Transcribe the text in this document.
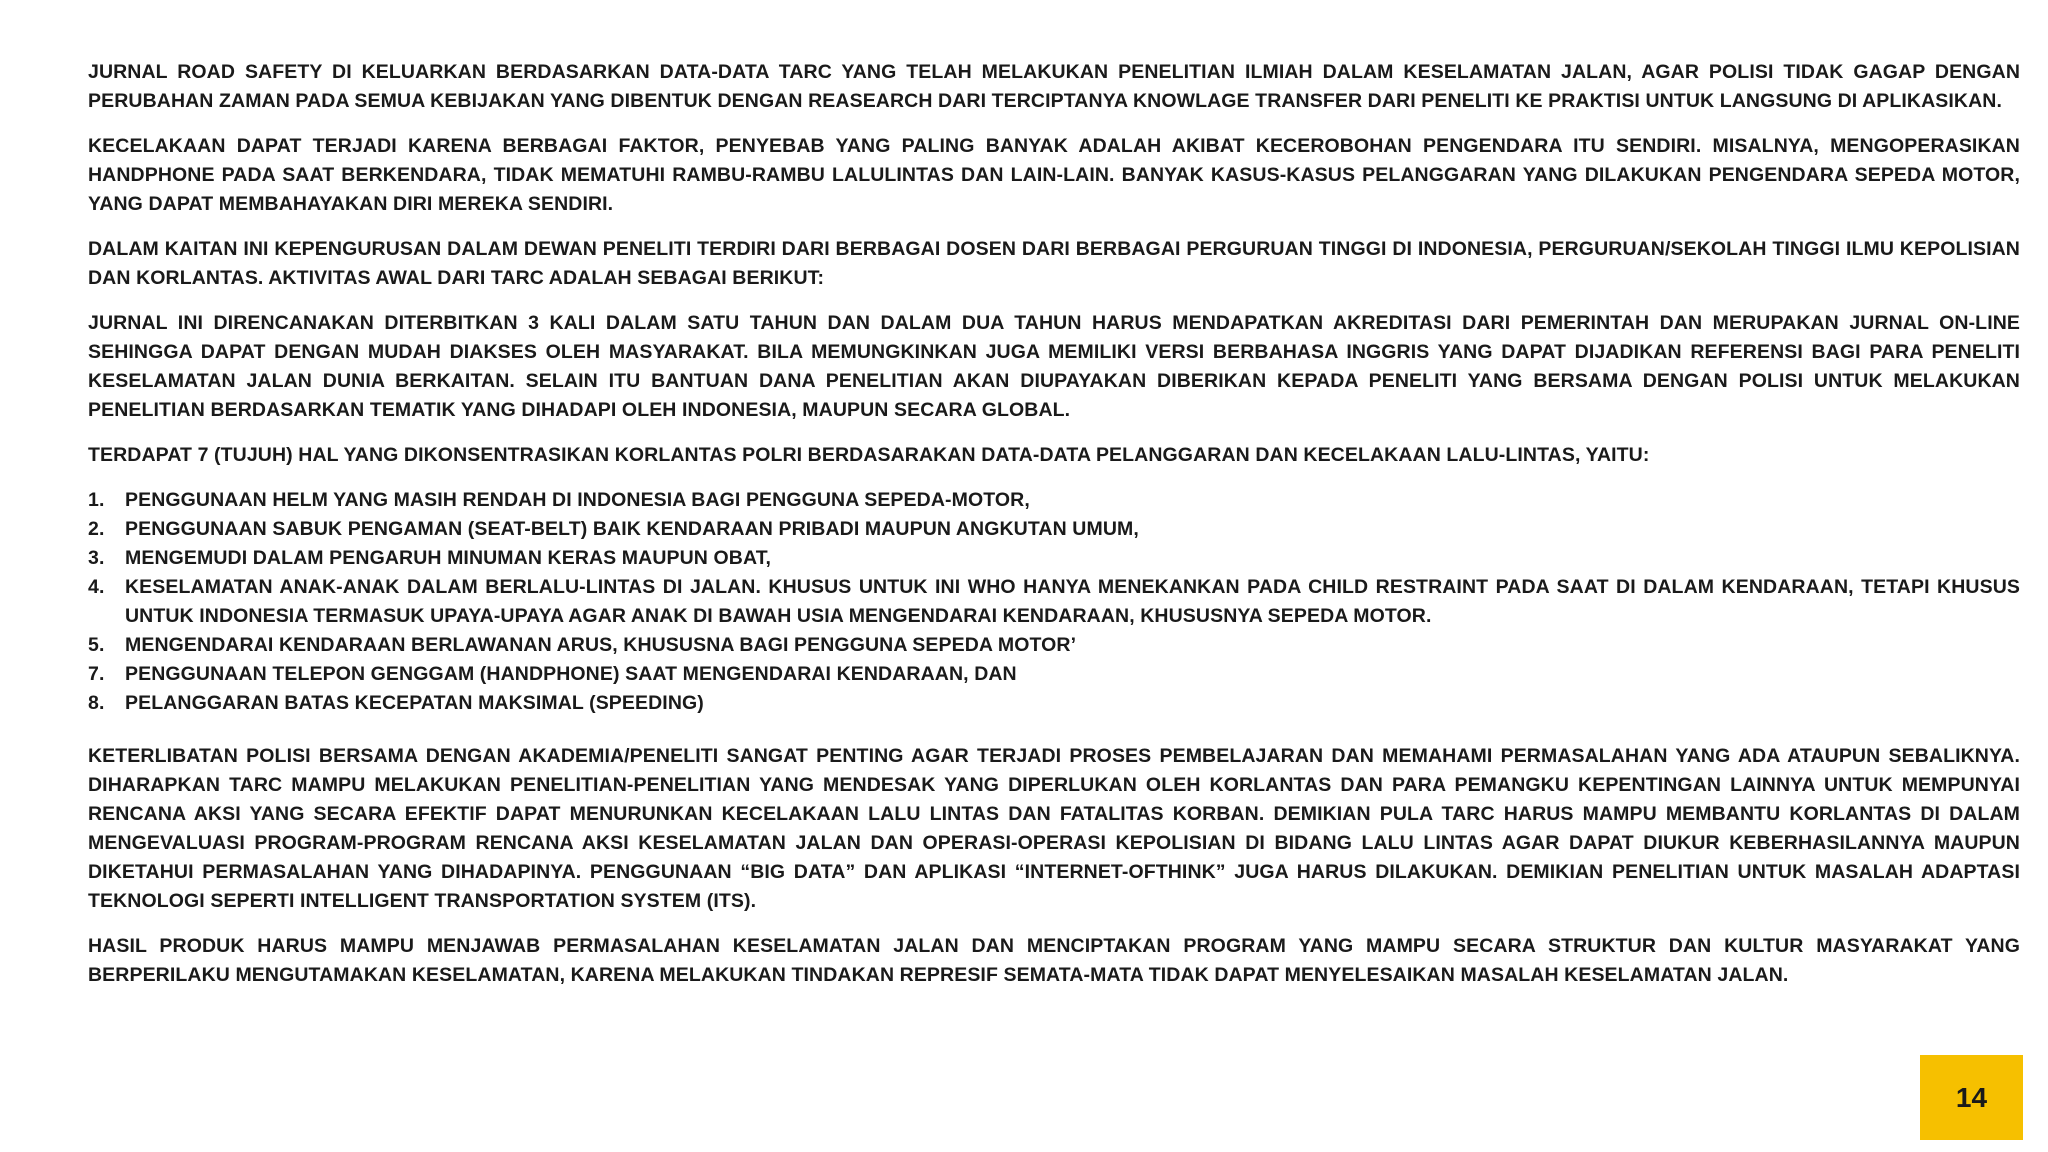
JURNAL ROAD SAFETY DI KELUARKAN BERDASARKAN DATA-DATA TARC YANG TELAH MELAKUKAN PENELITIAN ILMIAH DALAM KESELAMATAN JALAN, AGAR POLISI TIDAK GAGAP DENGAN PERUBAHAN ZAMAN PADA SEMUA KEBIJAKAN YANG DIBENTUK DENGAN REASEARCH DARI TERCIPTANYA KNOWLAGE TRANSFER DARI PENELITI KE PRAKTISI UNTUK LANGSUNG DI APLIKASIKAN.

KECELAKAAN DAPAT TERJADI KARENA BERBAGAI FAKTOR, PENYEBAB YANG PALING BANYAK ADALAH AKIBAT KECEROBOHAN PENGENDARA ITU SENDIRI. MISALNYA, MENGOPERASIKAN HANDPHONE PADA SAAT BERKENDARA, TIDAK MEMATUHI RAMBU-RAMBU LALULINTAS DAN LAIN-LAIN. BANYAK KASUS-KASUS PELANGGARAN YANG DILAKUKAN PENGENDARA SEPEDA MOTOR, YANG DAPAT MEMBAHAYAKAN DIRI MEREKA SENDIRI.

DALAM KAITAN INI KEPENGURUSAN DALAM DEWAN PENELITI TERDIRI DARI BERBAGAI DOSEN DARI BERBAGAI PERGURUAN TINGGI DI INDONESIA, PERGURUAN/SEKOLAH TINGGI ILMU KEPOLISIAN DAN KORLANTAS. AKTIVITAS AWAL DARI TARC ADALAH SEBAGAI BERIKUT:

JURNAL INI DIRENCANAKAN DITERBITKAN 3 KALI DALAM SATU TAHUN DAN DALAM DUA TAHUN HARUS MENDAPATKAN AKREDITASI DARI PEMERINTAH DAN MERUPAKAN JURNAL ON-LINE SEHINGGA DAPAT DENGAN MUDAH DIAKSES OLEH MASYARAKAT. BILA MEMUNGKINKAN JUGA MEMILIKI VERSI BERBAHASA INGGRIS YANG DAPAT DIJADIKAN REFERENSI BAGI PARA PENELITI KESELAMATAN JALAN DUNIA BERKAITAN. SELAIN ITU BANTUAN DANA PENELITIAN AKAN DIUPAYAKAN DIBERIKAN KEPADA PENELITI YANG BERSAMA DENGAN POLISI UNTUK MELAKUKAN PENELITIAN BERDASARKAN TEMATIK YANG DIHADAPI OLEH INDONESIA, MAUPUN SECARA GLOBAL.

TERDAPAT 7 (TUJUH) HAL YANG DIKONSENTRASIKAN KORLANTAS POLRI BERDASARAKAN DATA-DATA PELANGGARAN DAN KECELAKAAN LALU-LINTAS, YAITU:

1.	PENGGUNAAN HELM YANG MASIH RENDAH DI INDONESIA BAGI PENGGUNA SEPEDA-MOTOR,
2.	PENGGUNAAN SABUK PENGAMAN (SEAT-BELT) BAIK KENDARAAN PRIBADI MAUPUN ANGKUTAN UMUM,
3.	MENGEMUDI DALAM PENGARUH MINUMAN KERAS MAUPUN OBAT,
4.	KESELAMATAN ANAK-ANAK DALAM BERLALU-LINTAS DI JALAN. KHUSUS UNTUK INI WHO HANYA MENEKANKAN PADA CHILD RESTRAINT PADA SAAT DI DALAM KENDARAAN, TETAPI KHUSUS UNTUK INDONESIA TERMASUK UPAYA-UPAYA AGAR ANAK DI BAWAH USIA MENGENDARAI KENDARAAN, KHUSUSNYA SEPEDA MOTOR.
5.	MENGENDARAI KENDARAAN BERLAWANAN ARUS, KHUSUSNA BAGI PENGGUNA SEPEDA MOTOR’
7.	PENGGUNAAN TELEPON GENGGAM (HANDPHONE) SAAT MENGENDARAI KENDARAAN, DAN
8.	PELANGGARAN BATAS KECEPATAN MAKSIMAL (SPEEDING)

KETERLIBATAN POLISI BERSAMA DENGAN AKADEMIA/PENELITI SANGAT PENTING AGAR TERJADI PROSES PEMBELAJARAN DAN MEMAHAMI PERMASALAHAN YANG ADA ATAUPUN SEBALIKNYA. DIHARAPKAN TARC MAMPU MELAKUKAN PENELITIAN-PENELITIAN YANG MENDESAK YANG DIPERLUKAN OLEH KORLANTAS DAN PARA PEMANGKU KEPENTINGAN LAINNYA UNTUK MEMPUNYAI RENCANA AKSI YANG SECARA EFEKTIF DAPAT MENURUNKAN KECELAKAAN LALU LINTAS DAN FATALITAS KORBAN. DEMIKIAN PULA TARC HARUS MAMPU MEMBANTU KORLANTAS DI DALAM MENGEVALUASI PROGRAM-PROGRAM RENCANA AKSI KESELAMATAN JALAN DAN OPERASI-OPERASI KEPOLISIAN DI BIDANG LALU LINTAS AGAR DAPAT DIUKUR KEBERHASILANNYA MAUPUN DIKETAHUI PERMASALAHAN YANG DIHADAPINYA. PENGGUNAAN “BIG DATA” DAN APLIKASI “INTERNET-OFTHINK” JUGA HARUS DILAKUKAN. DEMIKIAN PENELITIAN UNTUK MASALAH ADAPTASI TEKNOLOGI SEPERTI INTELLIGENT TRANSPORTATION SYSTEM (ITS).

HASIL PRODUK HARUS MAMPU MENJAWAB PERMASALAHAN KESELAMATAN JALAN DAN MENCIPTAKAN PROGRAM YANG MAMPU SECARA STRUKTUR DAN KULTUR MASYARAKAT YANG BERPERILAKU MENGUTAMAKAN KESELAMATAN, KARENA MELAKUKAN TINDAKAN REPRESIF SEMATA-MATA TIDAK DAPAT MENYELESAIKAN MASALAH KESELAMATAN JALAN.

14
